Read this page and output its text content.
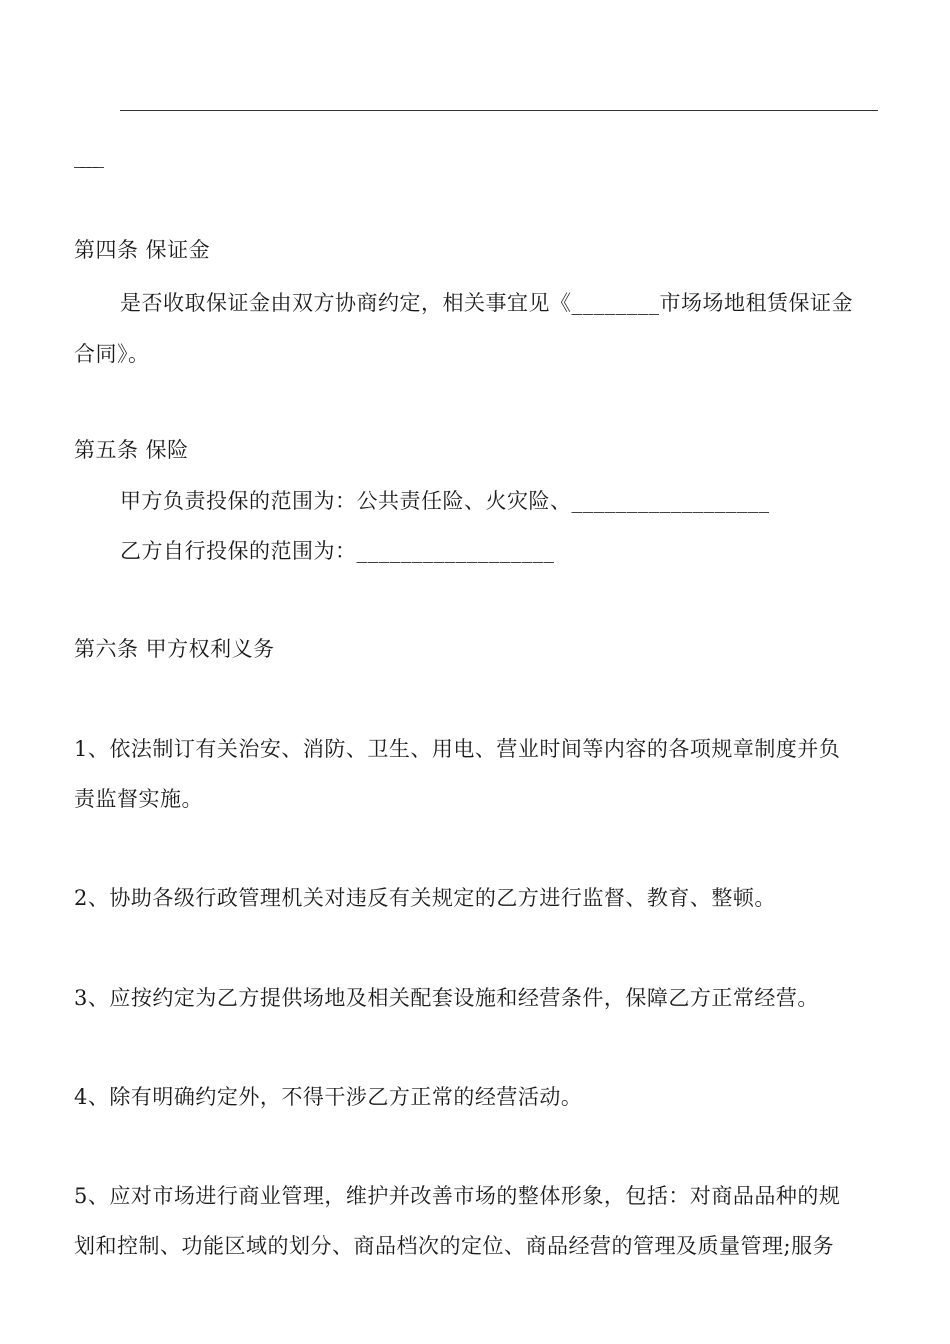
____
第四条 保证金
是否收取保证金由双方协商约定，相关事宜见《________市场场地租赁保证金
合同》。
第五条 保险
甲方负责投保的范围为：公共责任险、火灾险、__________________
乙方自行投保的范围为：__________________
第六条 甲方权利义务
1、依法制订有关治安、消防、卫生、用电、营业时间等内容的各项规章制度并负
责监督实施。
2、协助各级行政管理机关对违反有关规定的乙方进行监督、教育、整顿。
3、应按约定为乙方提供场地及相关配套设施和经营条件，保障乙方正常经营。
4、除有明确约定外，不得干涉乙方正常的经营活动。
5、应对市场进行商业管理，维护并改善市场的整体形象，包括：对商品品种的规
划和控制、功能区域的划分、商品档次的定位、商品经营的管理及质量管理;服务
